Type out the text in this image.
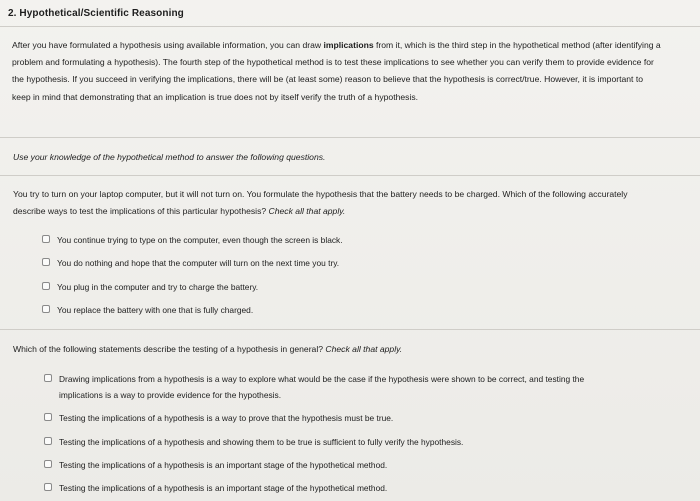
2. Hypothetical/Scientific Reasoning
After you have formulated a hypothesis using available information, you can draw implications from it, which is the third step in the hypothetical method (after identifying a problem and formulating a hypothesis). The fourth step of the hypothetical method is to test these implications to see whether you can verify them to provide evidence for the hypothesis. If you succeed in verifying the implications, there will be (at least some) reason to believe that the hypothesis is correct/true. However, it is important to keep in mind that demonstrating that an implication is true does not by itself verify the truth of a hypothesis.
Use your knowledge of the hypothetical method to answer the following questions.
You try to turn on your laptop computer, but it will not turn on. You formulate the hypothesis that the battery needs to be charged. Which of the following accurately describe ways to test the implications of this particular hypothesis? Check all that apply.
You continue trying to type on the computer, even though the screen is black.
You do nothing and hope that the computer will turn on the next time you try.
You plug in the computer and try to charge the battery.
You replace the battery with one that is fully charged.
Which of the following statements describe the testing of a hypothesis in general? Check all that apply.
Drawing implications from a hypothesis is a way to explore what would be the case if the hypothesis were shown to be correct, and testing the implications is a way to provide evidence for the hypothesis.
Testing the implications of a hypothesis is a way to prove that the hypothesis must be true.
Testing the implications of a hypothesis and showing them to be true is sufficient to fully verify the hypothesis.
Testing the implications of a hypothesis is an important stage of the hypothetical method.
Testing the implications of a hypothesis is an important stage of the hypothetical method.
